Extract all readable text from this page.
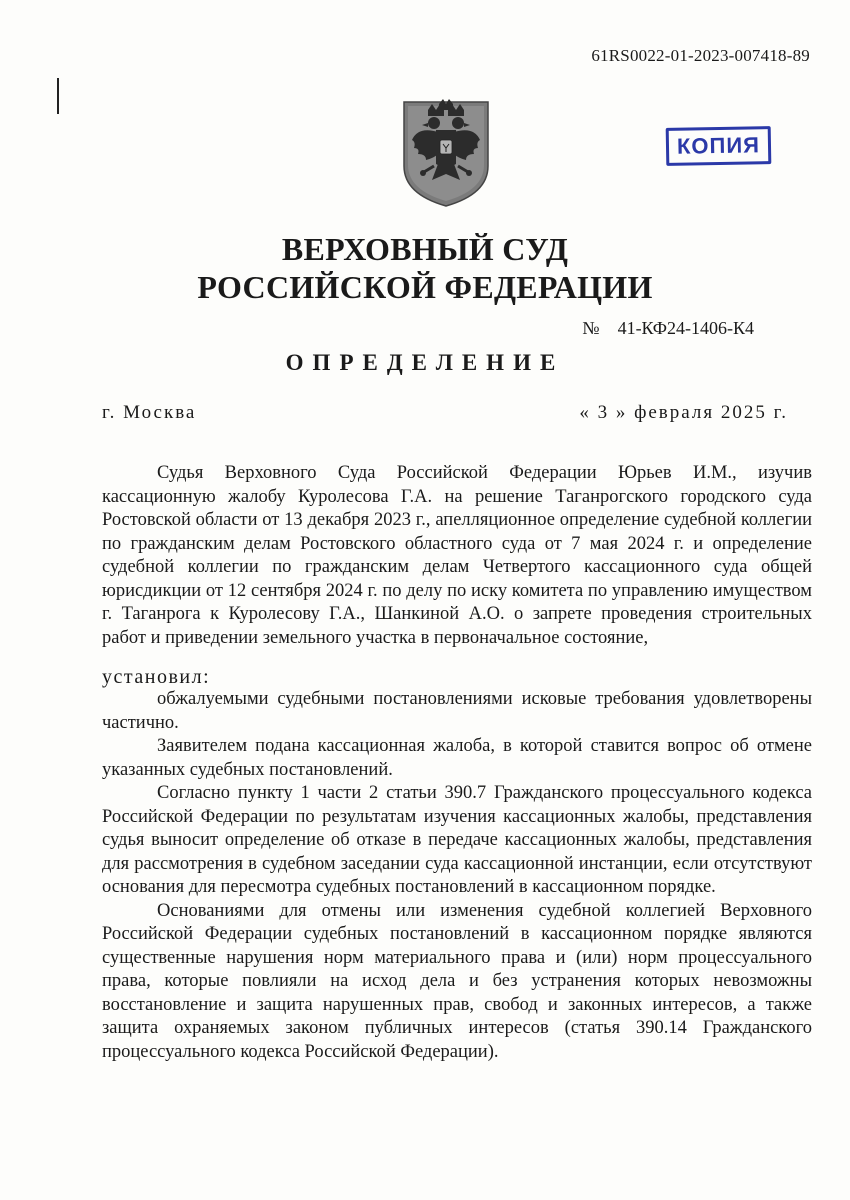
61RS0022-01-2023-007418-89
КОПИЯ
ВЕРХОВНЫЙ СУД
РОССИЙСКОЙ ФЕДЕРАЦИИ
№ 41-КФ24-1406-К4
ОПРЕДЕЛЕНИЕ
г. Москва	« 3 » февраля 2025 г.

Судья Верховного Суда Российской Федерации Юрьев И.М., изучив кассационную жалобу Куролесова Г.А. на решение Таганрогского городского суда Ростовской области от 13 декабря 2023 г., апелляционное определение судебной коллегии по гражданским делам Ростовского областного суда от 7 мая 2024 г. и определение судебной коллегии по гражданским делам Четвертого кассационного суда общей юрисдикции от 12 сентября 2024 г. по делу по иску комитета по управлению имуществом г. Таганрога к Куролесову Г.А., Шанкиной А.О. о запрете проведения строительных работ и приведении земельного участка в первоначальное состояние,

установил:

обжалуемыми судебными постановлениями исковые требования удовлетворены частично.

Заявителем подана кассационная жалоба, в которой ставится вопрос об отмене указанных судебных постановлений.

Согласно пункту 1 части 2 статьи 390.7 Гражданского процессуального кодекса Российской Федерации по результатам изучения кассационных жалобы, представления судья выносит определение об отказе в передаче кассационных жалобы, представления для рассмотрения в судебном заседании суда кассационной инстанции, если отсутствуют основания для пересмотра судебных постановлений в кассационном порядке.

Основаниями для отмены или изменения судебной коллегией Верховного Российской Федерации судебных постановлений в кассационном порядке являются существенные нарушения норм материального права и (или) норм процессуального права, которые повлияли на исход дела и без устранения которых невозможны восстановление и защита нарушенных прав, свобод и законных интересов, а также защита охраняемых законом публичных интересов (статья 390.14 Гражданского процессуального кодекса Российской Федерации).
